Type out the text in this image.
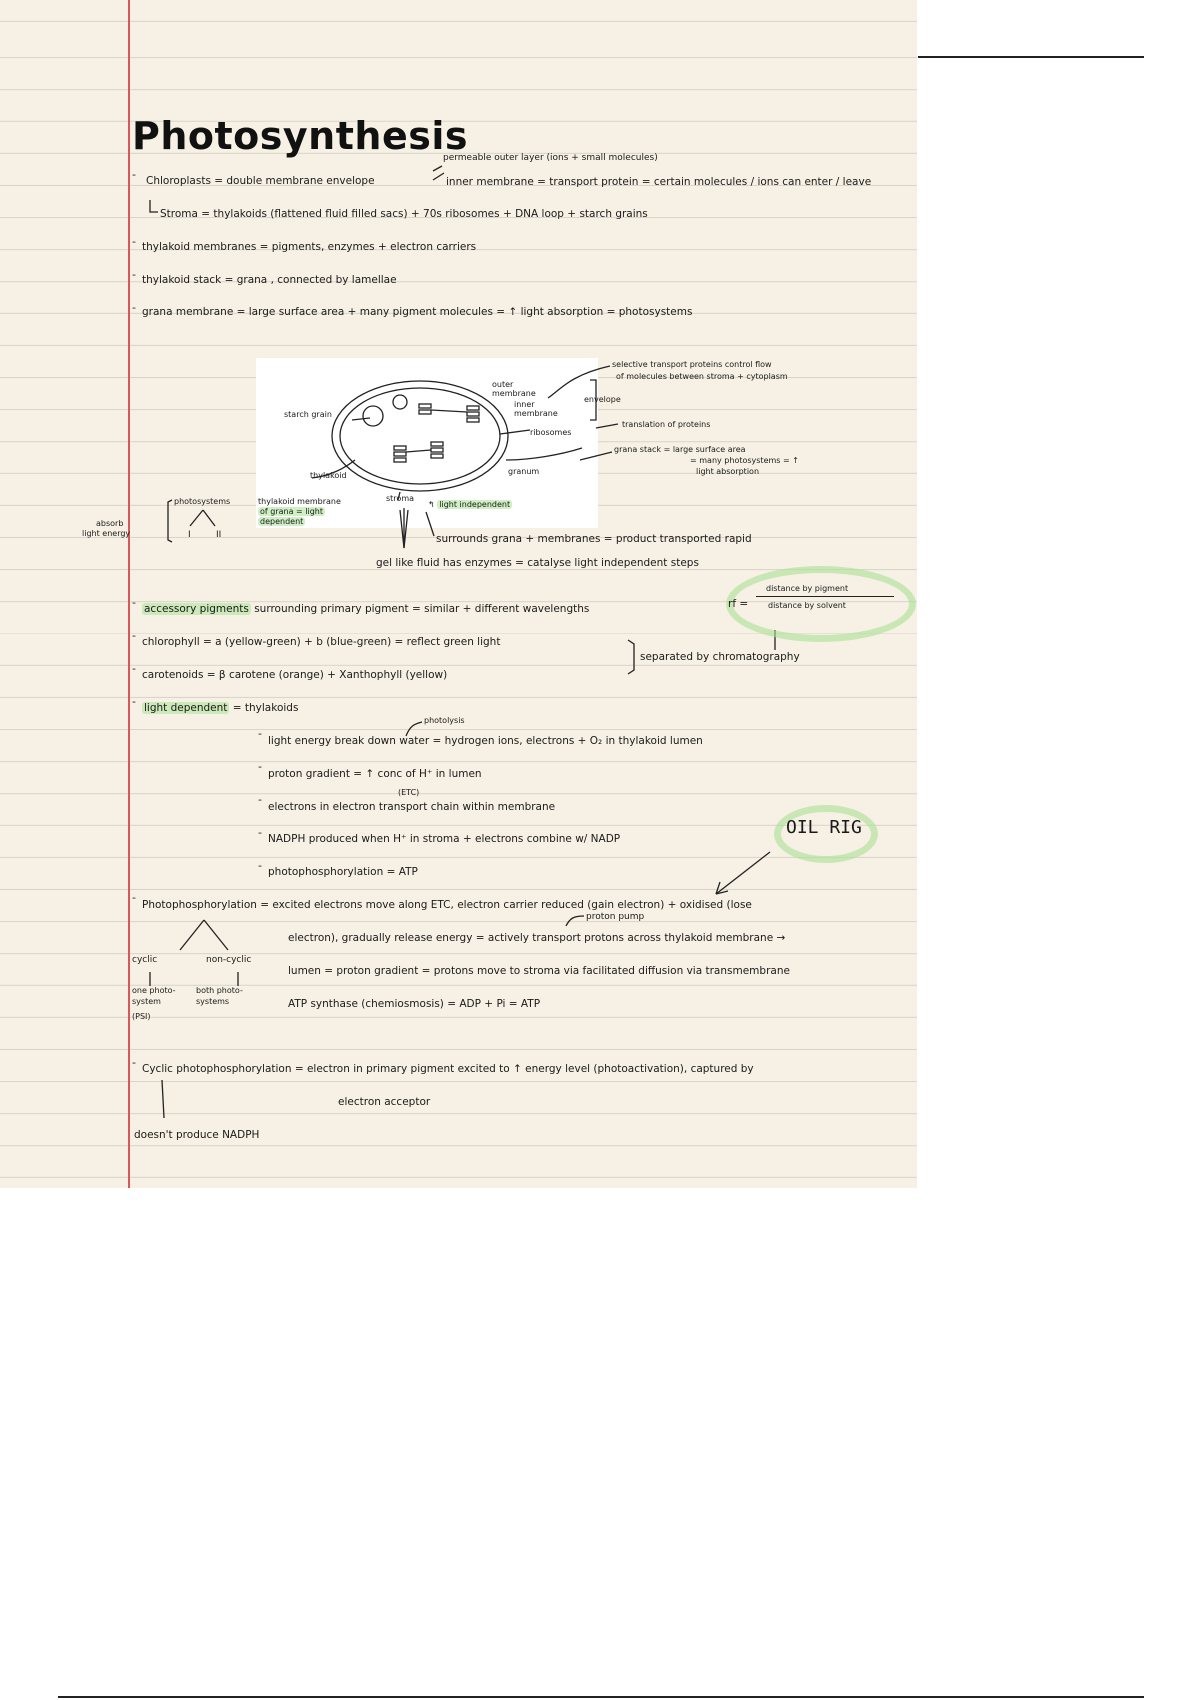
Photosynthesis
- Chloroplasts = double membrane envelope
permeable outer layer (ions + small molecules)
inner membrane = transport protein = certain molecules / ions can enter / leave
Stroma = thylakoids (flattened fluid filled sacs) + 70s ribosomes + DNA loop + starch grains
- thylakoid membranes = pigments, enzymes + electron carriers
- thylakoid stack = grana , connected by lamellae
- grana membrane = large surface area + many pigment molecules = ↑ light absorption = photosystems
starch grain
outer membrane
inner membrane
envelope
selective transport proteins control flow
of molecules between stroma + cytoplasm
ribosomes
translation of proteins
granum
grana stack = large surface area
= many photosystems = ↑
light absorption
thylakoid
stroma
↰ light independent
photosystems	thylakoid membrane
of grana = light
dependent
absorb
light energy	I	II	surrounds grana + membranes = product transported rapid
gel like fluid has enzymes = catalyse light independent steps
- accessory pigments surrounding primary pigment = similar + different wavelengths
- chlorophyll = a (yellow-green) + b (blue-green) = reflect green light
- carotenoids = β carotene (orange) + Xanthophyll (yellow)
separated by chromatography
rf =
distance by pigment
distance by solvent
- light dependent = thylakoids
photolysis
-
light energy break down water = hydrogen ions, electrons + O₂ in thylakoid lumen
-
proton gradient = ↑ conc of H⁺ in lumen
(ETC)
-
electrons in electron transport chain within membrane
- NADPH produced when H⁺ in stroma + electrons combine w/ NADP
- photophosphorylation = ATP
OIL RIG
-
Photophosphorylation = excited electrons move along ETC, electron carrier reduced (gain electron) + oxidised (lose
proton pump
electron), gradually release energy = actively transport protons across thylakoid membrane →
lumen = proton gradient = protons move to stroma via facilitated diffusion via transmembrane
ATP synthase (chemiosmosis) = ADP + Pi = ATP
cyclic	non-cyclic
one photo-
system
(PSI)
both photo-
systems
- Cyclic photophosphorylation = electron in primary pigment excited to ↑ energy level (photoactivation), captured by
electron acceptor
doesn't produce NADPH
